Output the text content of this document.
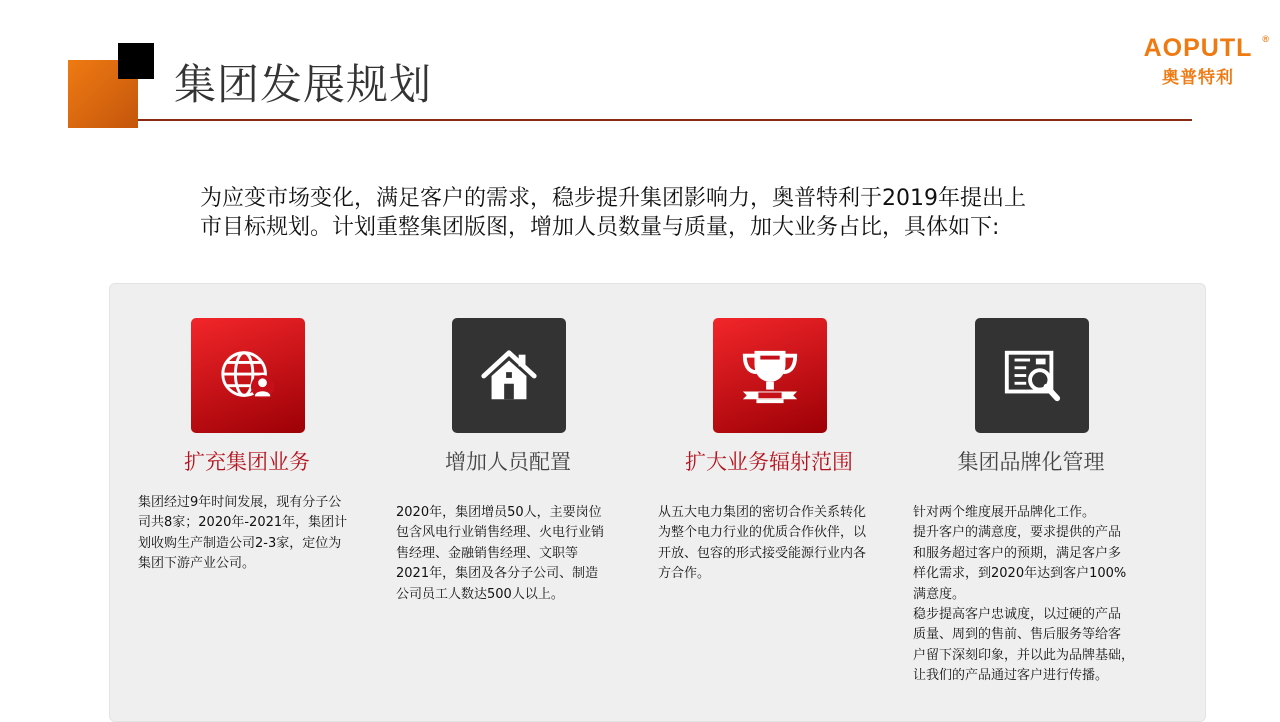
集团发展规划
AOPUTL ®
奥普特利
为应变市场变化，满足客户的需求，稳步提升集团影响力，奥普特利于2019年提出上
市目标规划。计划重整集团版图，增加人员数量与质量，加大业务占比，具体如下:
扩充集团业务
集团经过9年时间发展，现有分子公
司共8家；2020年-2021年，集团计
划收购生产制造公司2-3家，定位为
集团下游产业公司。
增加人员配置
2020年，集团增员50人，主要岗位
包含风电行业销售经理、火电行业销
售经理、金融销售经理、文职等
2021年，集团及各分子公司、制造
公司员工人数达500人以上。
扩大业务辐射范围
从五大电力集团的密切合作关系转化
为整个电力行业的优质合作伙伴，以
开放、包容的形式接受能源行业内各
方合作。
集团品牌化管理
针对两个维度展开品牌化工作。
提升客户的满意度，要求提供的产品
和服务超过客户的预期，满足客户多
样化需求，到2020年达到客户100%
满意度。
稳步提高客户忠诚度，以过硬的产品
质量、周到的售前、售后服务等给客
户留下深刻印象，并以此为品牌基础，
让我们的产品通过客户进行传播。
